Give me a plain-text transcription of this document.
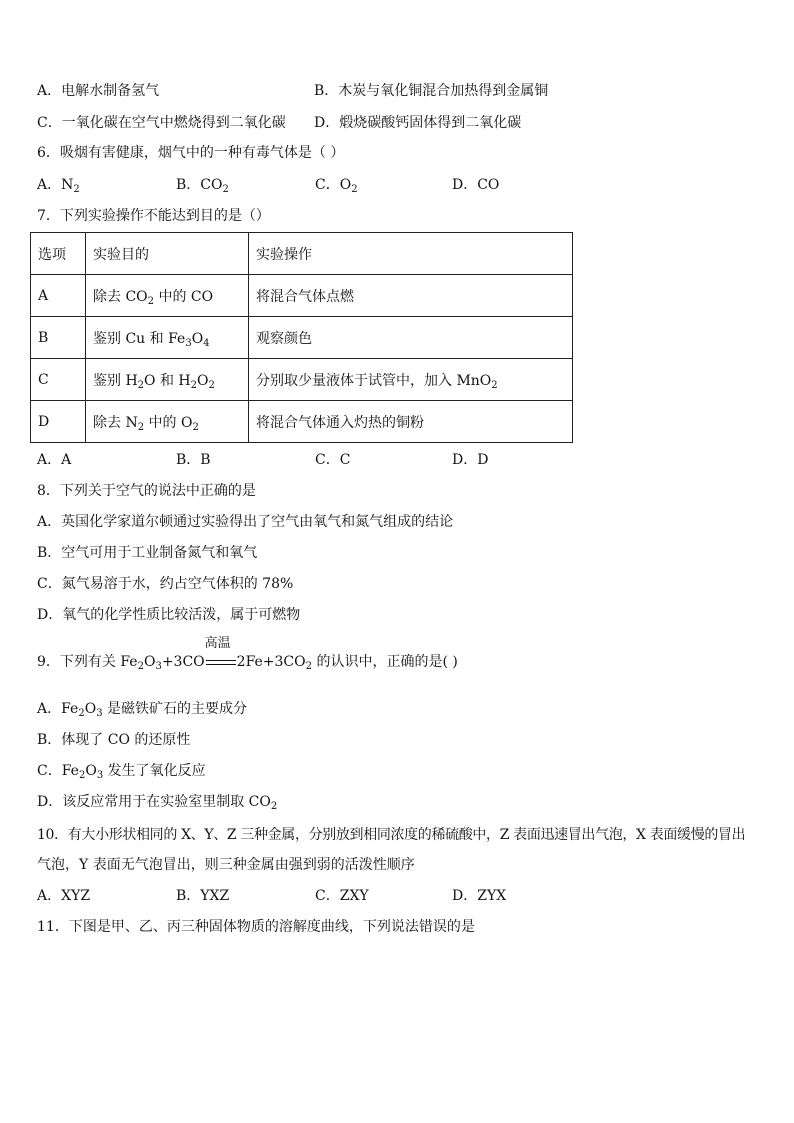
A．电解水制备氢气	B．木炭与氧化铜混合加热得到金属铜
C．一氧化碳在空气中燃烧得到二氧化碳 D．煅烧碳酸钙固体得到二氧化碳
6．吸烟有害健康，烟气中的一种有毒气体是（ ）
A．$N_2$	B．$CO_2$	C．$O_2$	D．CO
7．下列实验操作不能达到目的是（）
选项	实验目的	实验操作
A	除去 $CO_2$ 中的 CO	将混合气体点燃
B	鉴别 Cu 和 $Fe_3O_4$	观察颜色
C	鉴别 $H_2O$ 和 $H_2O_2$	分别取少量液体于试管中，加入 MnO$_2$
D	除去 $N_2$ 中的 $O_2$	将混合气体通入灼热的铜粉
A．A	B．B	C．C	D．D
8．下列关于空气的说法中正确的是
A．英国化学家道尔顿通过实验得出了空气由氧气和氮气组成的结论
B．空气可用于工业制备氮气和氧气
C．氮气易溶于水，约占空气体积的 78%
D．氧气的化学性质比较活泼，属于可燃物
9．下列有关 $Fe_2O_3+3CO$
高温
$2Fe+3CO_2$ 的认识中，正确的是( )
A．$Fe_2O_3$ 是磁铁矿石的主要成分
B．体现了 CO 的还原性
C．$Fe_2O_3$ 发生了氧化反应
D．该反应常用于在实验室里制取 $CO_2$
10．有大小形状相同的 X、Y、Z 三种金属，分别放到相同浓度的稀硫酸中，Z 表面迅速冒出气泡，X 表面缓慢的冒出
气泡，Y 表面无气泡冒出，则三种金属由强到弱的活泼性顺序
A．XYZ	B．YXZ	C．ZXY	D．ZYX
11．下图是甲、乙、丙三种固体物质的溶解度曲线，下列说法错误的是
